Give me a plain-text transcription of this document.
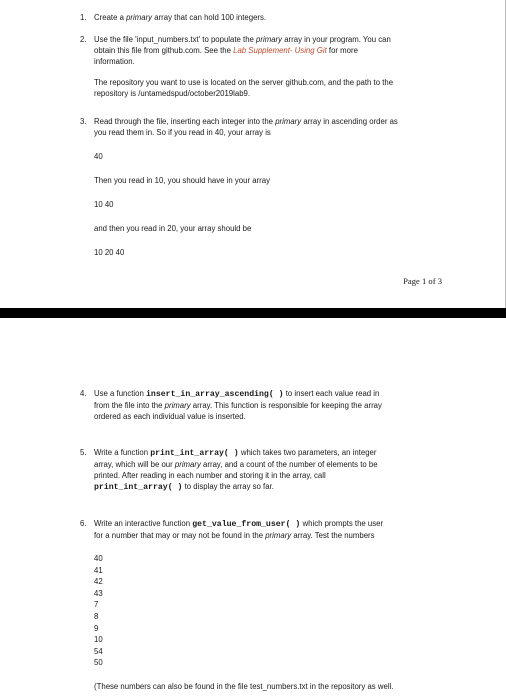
1. Create a primary array that can hold 100 integers.

2. Use the file 'input_numbers.txt' to populate the primary array in your program. You can

obtain this file from github.com. See the Lab Supplement- Using Git for more

information.

The repository you want to use is located on the server github.com, and the path to the

repository is /untamedspud/october2019lab9.

3. Read through the file, inserting each integer into the primary array in ascending order as

you read them in. So if you read in 40, your array is

40

Then you read in 10, you should have in your array

10 40

and then you read in 20, your array should be

10 20 40

Page 1 of 3
4. Use a function insert_in_array_ascending( ) to insert each value read in

from the file into the primary array. This function is responsible for keeping the array

ordered as each individual value is inserted.

5. Write a function print_int_array( ) which takes two parameters, an integer

array, which will be our primary array, and a count of the number of elements to be

printed. After reading in each number and storing it in the array, call

print_int_array( ) to display the array so far.

6. Write an interactive function get_value_from_user( ) which prompts the user

for a number that may or may not be found in the primary array. Test the numbers

40
41
42
43
7
8
9
10
54
50

(These numbers can also be found in the file test_numbers.txt in the repository as well.
